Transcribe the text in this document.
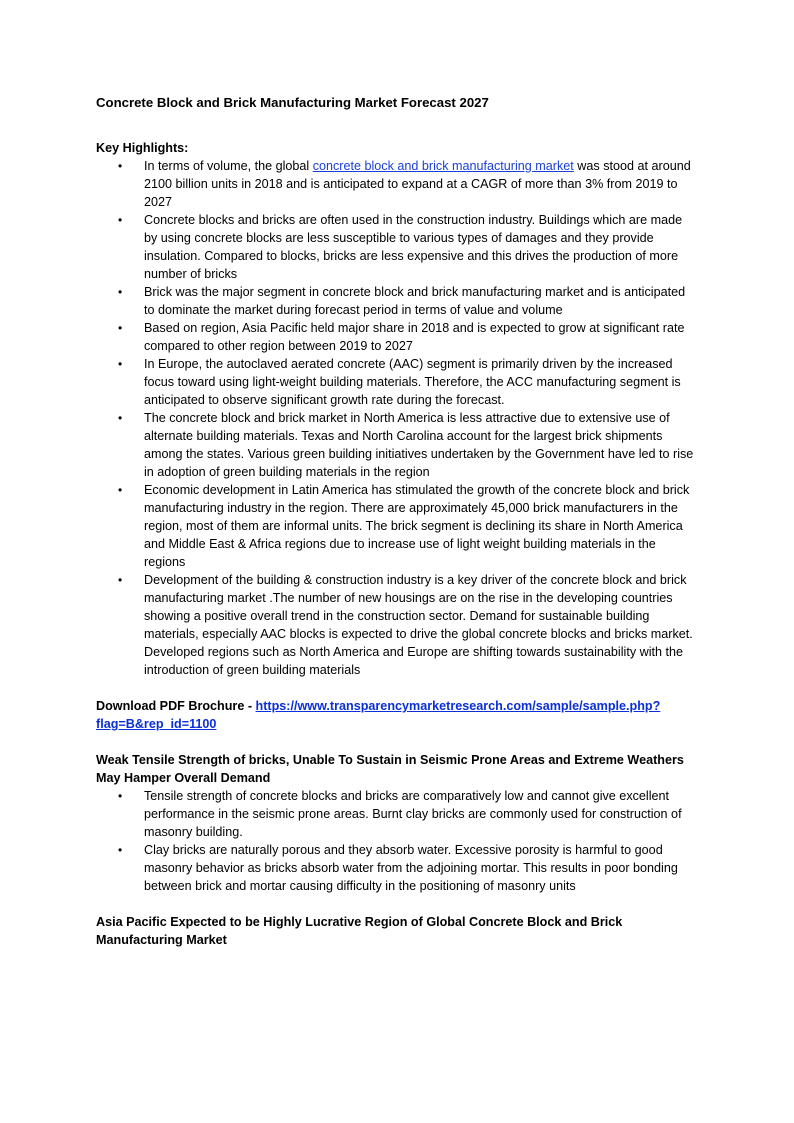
Concrete Block and Brick Manufacturing Market Forecast 2027
Key Highlights:
• In terms of volume, the global concrete block and brick manufacturing market was stood at around 2100 billion units in 2018 and is anticipated to expand at a CAGR of more than 3% from 2019 to 2027
• Concrete blocks and bricks are often used in the construction industry. Buildings which are made by using concrete blocks are less susceptible to various types of damages and they provide insulation. Compared to blocks, bricks are less expensive and this drives the production of more number of bricks
• Brick was the major segment in concrete block and brick manufacturing market and is anticipated to dominate the market during forecast period in terms of value and volume
• Based on region, Asia Pacific held major share in 2018 and is expected to grow at significant rate compared to other region between 2019 to 2027
• In Europe, the autoclaved aerated concrete (AAC) segment is primarily driven by the increased focus toward using light-weight building materials. Therefore, the ACC manufacturing segment is anticipated to observe significant growth rate during the forecast.
• The concrete block and brick market in North America is less attractive due to extensive use of alternate building materials. Texas and North Carolina account for the largest brick shipments among the states. Various green building initiatives undertaken by the Government have led to rise in adoption of green building materials in the region
• Economic development in Latin America has stimulated the growth of the concrete block and brick manufacturing industry in the region. There are approximately 45,000 brick manufacturers in the region, most of them are informal units. The brick segment is declining its share in North America and Middle East & Africa regions due to increase use of light weight building materials in the regions
• Development of the building & construction industry is a key driver of the concrete block and brick manufacturing market .The number of new housings are on the rise in the developing countries showing a positive overall trend in the construction sector. Demand for sustainable building materials, especially AAC blocks is expected to drive the global concrete blocks and bricks market. Developed regions such as North America and Europe are shifting towards sustainability with the introduction of green building materials
Download PDF Brochure - https://www.transparencymarketresearch.com/sample/sample.php?flag=B&rep_id=1100
Weak Tensile Strength of bricks, Unable To Sustain in Seismic Prone Areas and Extreme Weathers May Hamper Overall Demand
• Tensile strength of concrete blocks and bricks are comparatively low and cannot give excellent performance in the seismic prone areas. Burnt clay bricks are commonly used for construction of masonry building.
• Clay bricks are naturally porous and they absorb water. Excessive porosity is harmful to good masonry behavior as bricks absorb water from the adjoining mortar. This results in poor bonding between brick and mortar causing difficulty in the positioning of masonry units
Asia Pacific Expected to be Highly Lucrative Region of Global Concrete Block and Brick Manufacturing Market
